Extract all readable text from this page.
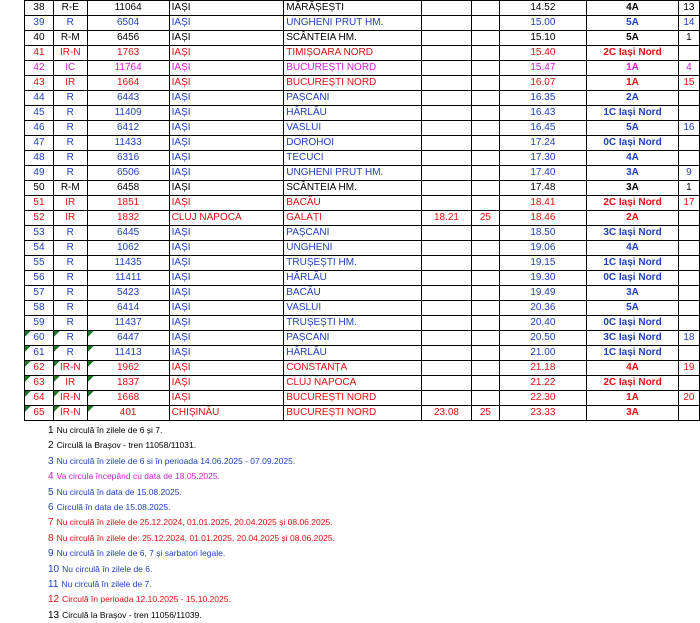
38	R-E	11064	IAȘI	MĂRĂȘEȘTI			14.52	4A	13
39	R	6504	IAȘI	UNGHENI PRUT HM.			15.00	5A	14
40	R-M	6456	IAȘI	SCÂNTEIA HM.			15.10	5A	1
41	IR-N	1763	IAȘI	TIMIȘOARA NORD			15.40	2C Iași Nord	
42	IC	11764	IAȘI	BUCUREȘTI NORD			15.47	1A	4
43	IR	1664	IAȘI	BUCUREȘTI NORD			16.07	1A	15
44	R	6443	IAȘI	PAȘCANI			16.35	2A	
45	R	11409	IAȘI	HÂRLĂU			16.43	1C Iași Nord	
46	R	6412	IAȘI	VASLUI			16.45	5A	16
47	R	11433	IAȘI	DOROHOI			17.24	0C Iași Nord	
48	R	6316	IAȘI	TECUCI			17.30	4A	
49	R	6506	IAȘI	UNGHENI PRUT HM.			17.40	3A	9
50	R-M	6458	IAȘI	SCÂNTEIA HM.			17.48	3A	1
51	IR	1851	IAȘI	BACĂU			18.41	2C Iași Nord	17
52	IR	1832	CLUJ NAPOCA	GALAȚI	18.21	25	18.46	2A	
53	R	6445	IAȘI	PAȘCANI			18.50	3C Iași Nord	
54	R	1062	IAȘI	UNGHENI			19.06	4A	
55	R	11435	IAȘI	TRUȘEȘTI HM.			19.15	1C Iași Nord	
56	R	11411	IAȘI	HÂRLĂU			19.30	0C Iași Nord	
57	R	5423	IAȘI	BACĂU			19.49	3A	
58	R	6414	IAȘI	VASLUI			20.36	5A	
59	R	11437	IAȘI	TRUȘEȘTI HM.			20.40	0C Iași Nord	
60	R	6447	IAȘI	PAȘCANI			20.50	3C Iași Nord	18
61	R	11413	IAȘI	HÂRLĂU			21.00	1C Iași Nord	
62	IR-N	1962	IAȘI	CONSTANȚA			21.18	4A	19
63	IR	1837	IAȘI	CLUJ NAPOCA			21.22	2C Iași Nord	
64	IR-N	1668	IAȘI	BUCUREȘTI NORD			22.30	1A	20
65	IR-N	401	CHIȘINĂU	BUCUREȘTI NORD	23.08	25	23.33	3A	
1 Nu circulă în zilele de 6 și 7.
2 Circulă la Brașov - tren 11058/11031.
3 Nu circulă în zilele de 6 si în perioada 14.06.2025 - 07.09.2025.
4 Va circula începând cu data de 18.05.2025.
5 Nu circulă în data de 15.08.2025.
6 Circulă în data de 15.08.2025.
7 Nu circulă în zilele de 25.12.2024, 01.01.2025, 20.04.2025 și 08.06.2025.
8 Nu circulă în zilele de: 25.12.2024, 01.01.2025, 20.04.2025 și 08.06.2025.
9 Nu circulă în zilele de 6, 7 și sarbatori legale.
10 Nu circulă în zilele de 6.
11 Nu circulă în zilele de 7.
12 Circulă în perioada 12.10.2025 - 15.10.2025.
13 Circulă la Brașov - tren 11056/11039.
